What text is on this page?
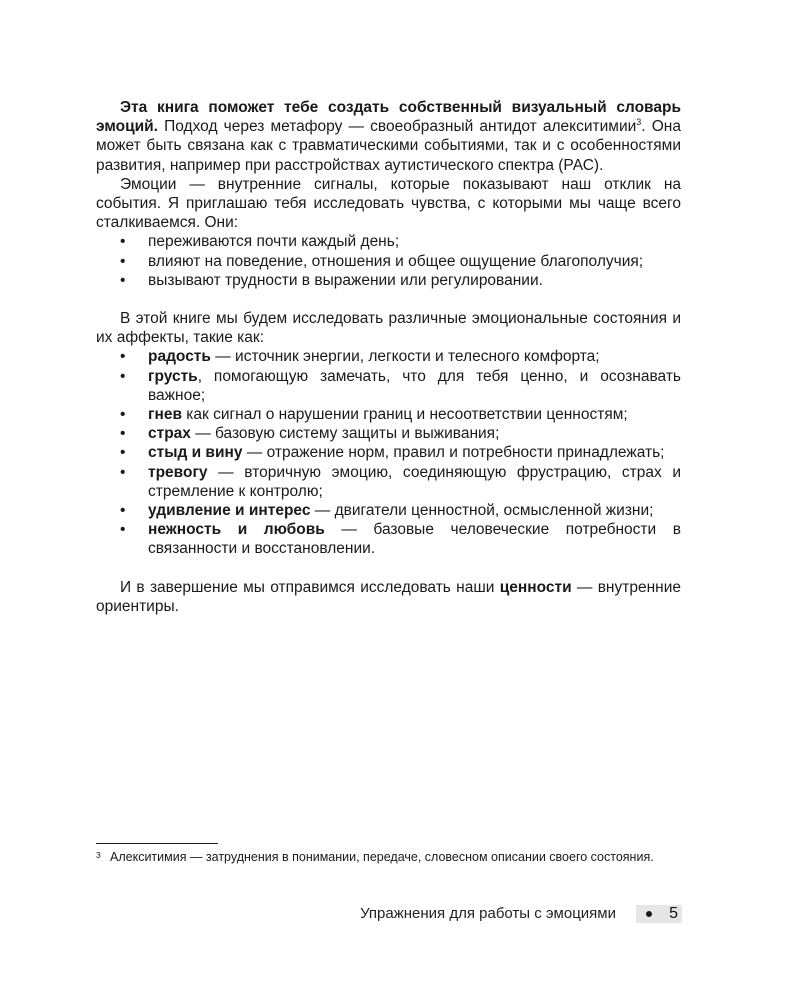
Эта книга поможет тебе создать собственный визуальный словарь эмоций. Подход через метафору — своеобразный антидот алекситимии$^3$. Она может быть связана как с травматическими событиями, так и с особенностями развития, например при расстройствах аутистического спектра (РАС).

Эмоции — внутренние сигналы, которые показывают наш отклик на события. Я приглашаю тебя исследовать чувства, с которыми мы чаще всего сталкиваемся. Они:

• переживаются почти каждый день;
• влияют на поведение, отношения и общее ощущение благополучия;
• вызывают трудности в выражении или регулировании.

В этой книге мы будем исследовать различные эмоциональные состояния и их аффекты, такие как:

• радость — источник энергии, легкости и телесного комфорта;
• грусть, помогающую замечать, что для тебя ценно, и осознавать важное;
• гнев как сигнал о нарушении границ и несоответствии ценностям;
• страх — базовую систему защиты и выживания;
• стыд и вину — отражение норм, правил и потребности принадлежать;
• тревогу — вторичную эмоцию, соединяющую фрустрацию, страх и стремление к контролю;
• удивление и интерес — двигатели ценностной, осмысленной жизни;
• нежность и любовь — базовые человеческие потребности в связанности и восстановлении.

И в завершение мы отправимся исследовать наши ценности — внутренние ориентиры.

3 Алекситимия — затруднения в понимании, передаче, словесном описании своего состояния.
Упражнения для работы с эмоциями	5
